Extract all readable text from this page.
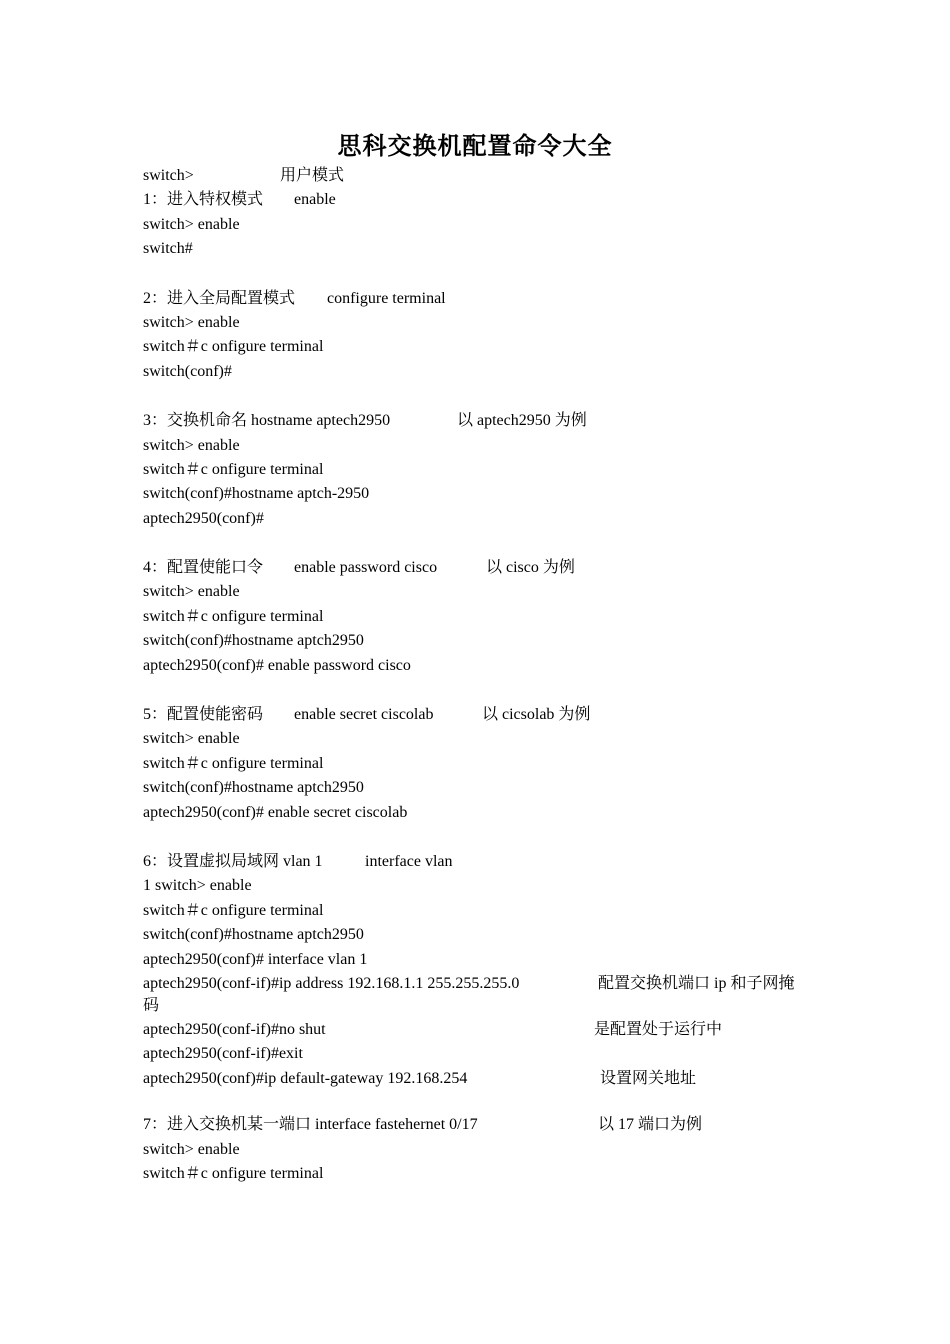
思科交换机配置命令大全
switch>	用户模式
1：进入特权模式 enable
switch> enable
switch#
2：进入全局配置模式 configure terminal
switch> enable
switch＃c onfigure terminal
switch(conf)#
3：交换机命名 hostname aptech2950	以 aptech2950 为例
switch> enable
switch＃c onfigure terminal
switch(conf)#hostname aptch-2950
aptech2950(conf)#
4：配置使能口令 enable password cisco	以 cisco 为例
switch> enable
switch＃c onfigure terminal
switch(conf)#hostname aptch2950
aptech2950(conf)# enable password cisco
5：配置使能密码 enable secret ciscolab	以 cicsolab 为例
switch> enable
switch＃c onfigure terminal
switch(conf)#hostname aptch2950
aptech2950(conf)# enable secret ciscolab
6：设置虚拟局域网 vlan 1	interface vlan
1 switch> enable
switch＃c onfigure terminal
switch(conf)#hostname aptch2950
aptech2950(conf)# interface vlan 1
aptech2950(conf-if)#ip address 192.168.1.1 255.255.255.0	配置交换机端口 ip 和子网掩
码
aptech2950(conf-if)#no shut	是配置处于运行中
aptech2950(conf-if)#exit
aptech2950(conf)#ip default-gateway 192.168.254	设置网关地址
7：进入交换机某一端口 interface fastehernet 0/17	以 17 端口为例
switch> enable
switch＃c onfigure terminal
